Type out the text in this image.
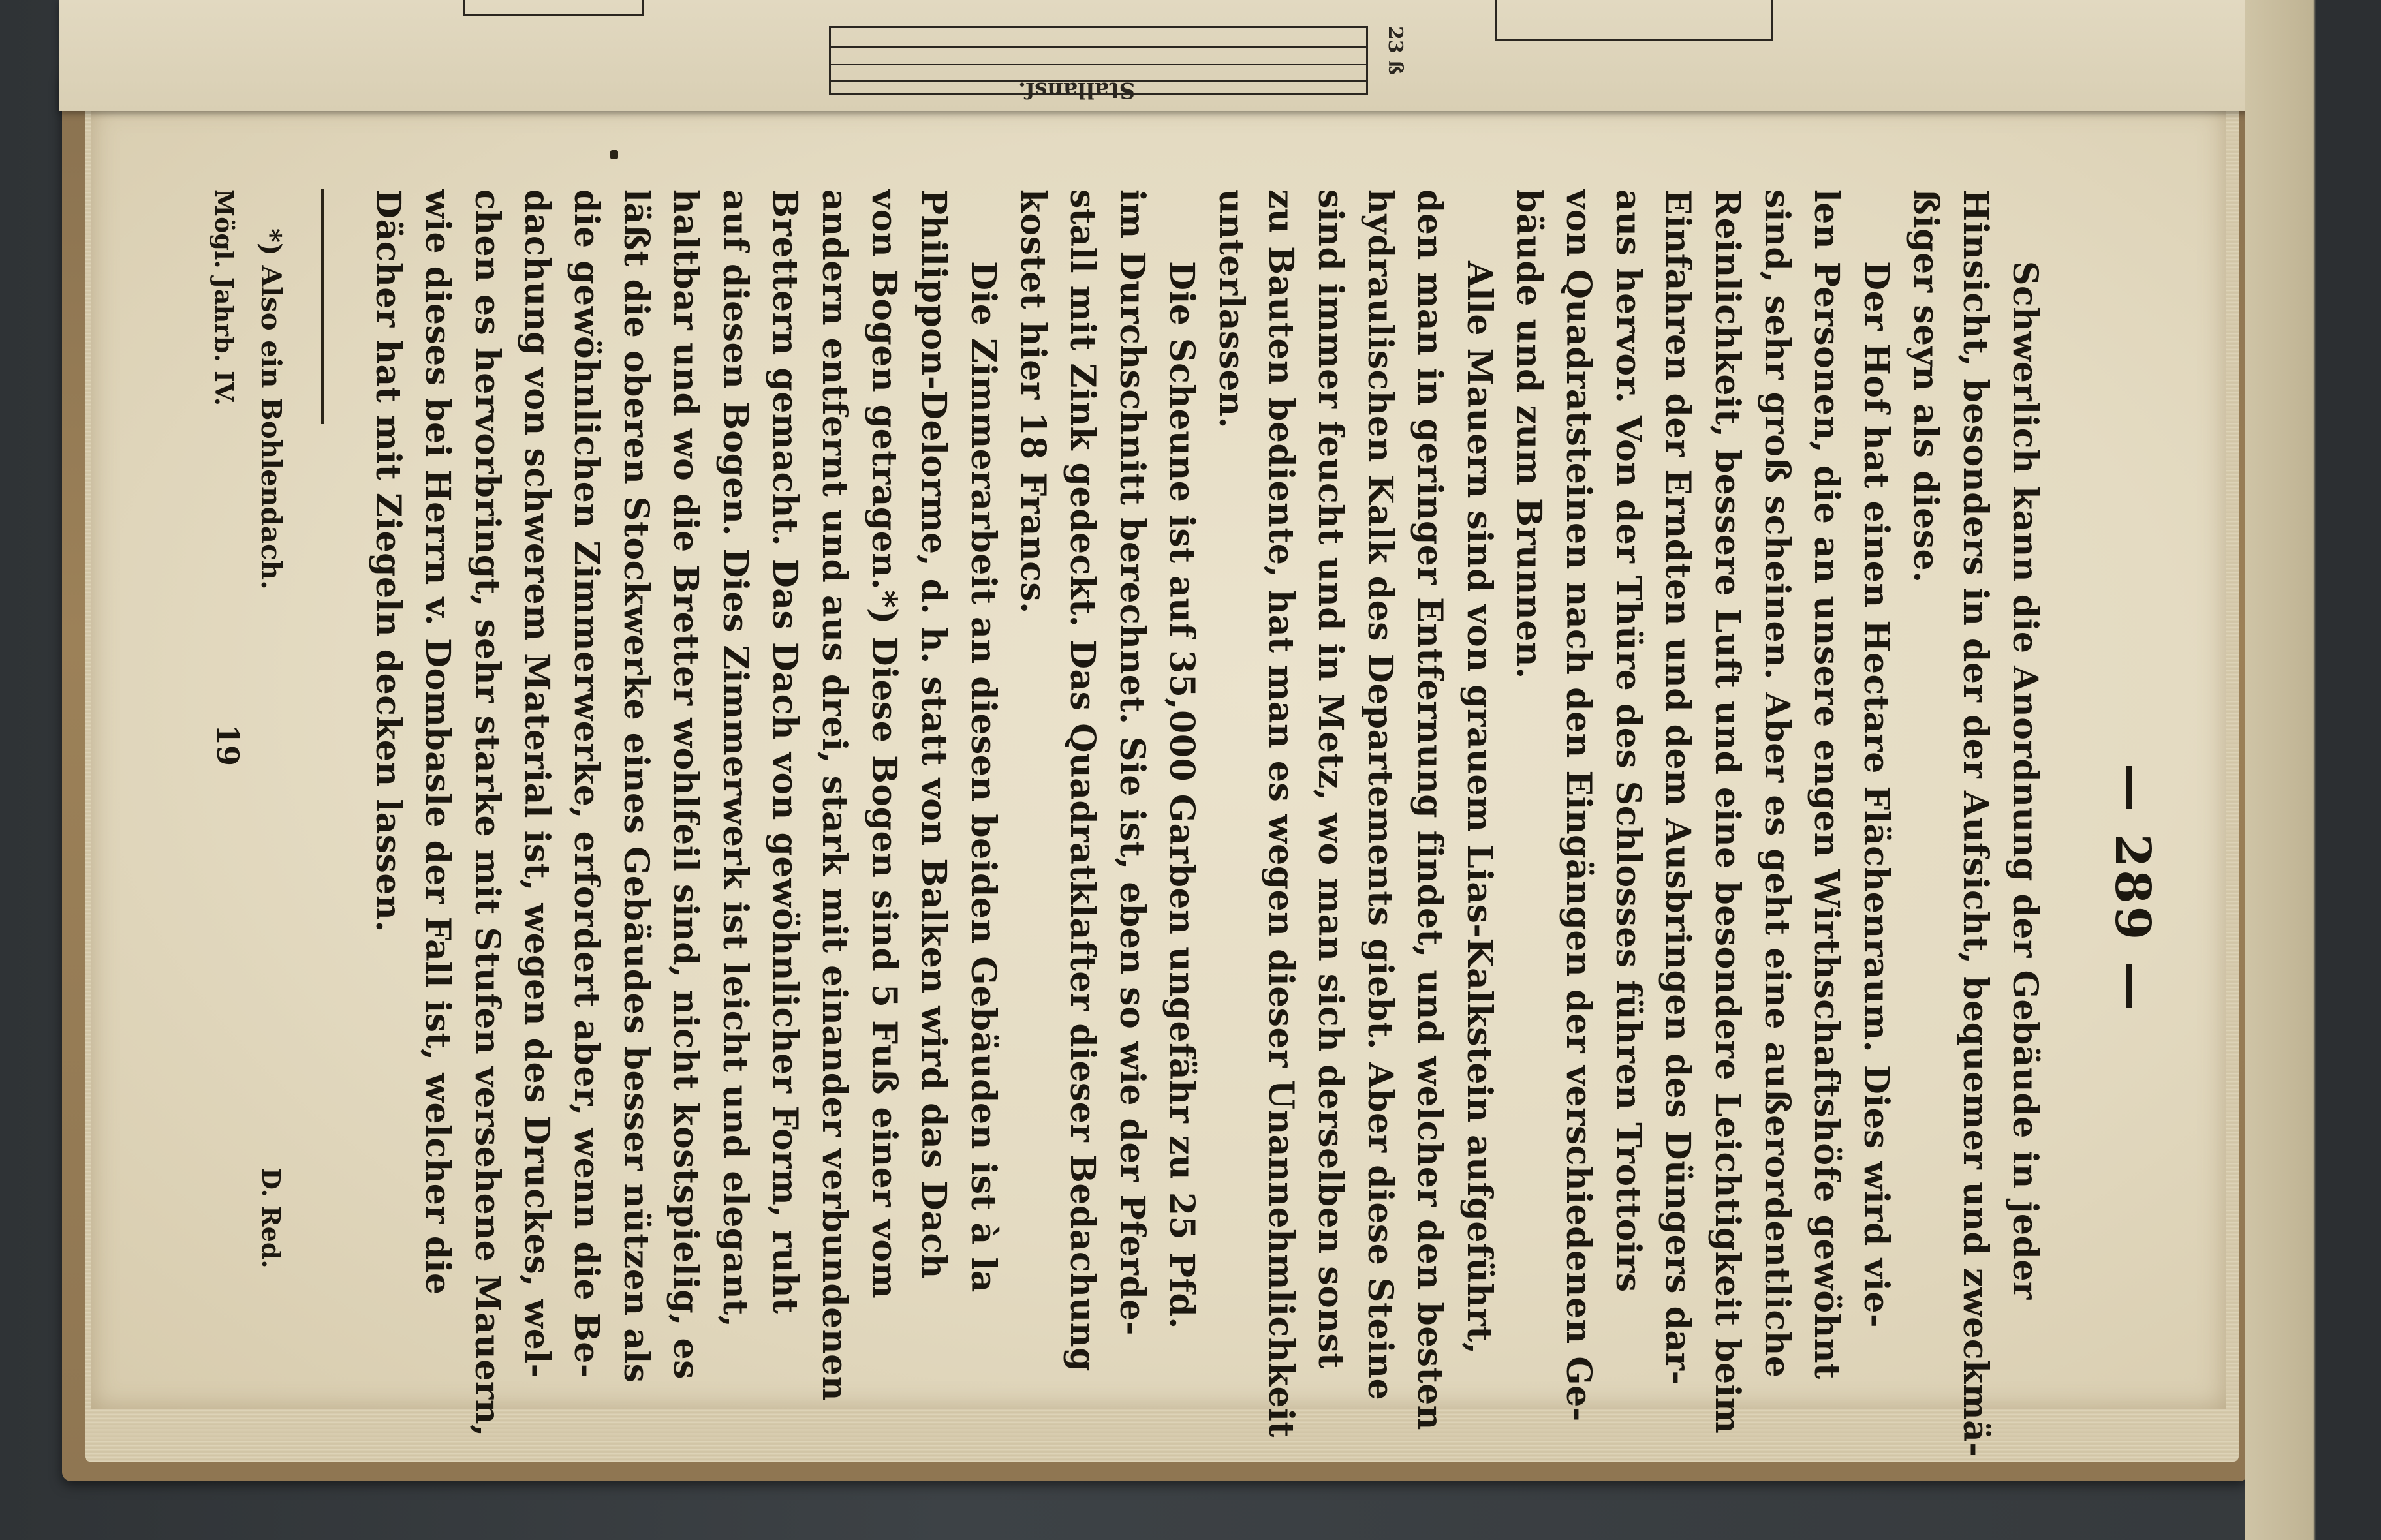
Stallansf.
23 ß
— 289 —
Schwerlich kann die Anordnung der Gebäude in jeder
Hinsicht, besonders in der der Aufsicht, bequemer und zweckmä-
ßiger seyn als diese.
Der Hof hat einen Hectare Flächenraum. Dies wird vie-
len Personen, die an unsere engen Wirthschaftshöfe gewöhnt
sind, sehr groß scheinen. Aber es geht eine außerordentliche
Reinlichkeit, bessere Luft und eine besondere Leichtigkeit beim
Einfahren der Erndten und dem Ausbringen des Düngers dar-
aus hervor. Von der Thüre des Schlosses führen Trottoirs
von Quadratsteinen nach den Eingängen der verschiedenen Ge-
bäude und zum Brunnen.
Alle Mauern sind von grauem Lias-Kalkstein aufgeführt,
den man in geringer Entfernung findet, und welcher den besten
hydraulischen Kalk des Departements giebt. Aber diese Steine
sind immer feucht und in Metz, wo man sich derselben sonst
zu Bauten bediente, hat man es wegen dieser Unannehmlichkeit
unterlassen.
Die Scheune ist auf 35,000 Garben ungefähr zu 25 Pfd.
im Durchschnitt berechnet. Sie ist, eben so wie der Pferde-
stall mit Zink gedeckt. Das Quadratklafter dieser Bedachung
kostet hier 18 Francs.
Die Zimmerarbeit an diesen beiden Gebäuden ist à la
Philippon-Delorme, d. h. statt von Balken wird das Dach
von Bogen getragen.*) Diese Bogen sind 5 Fuß einer vom
andern entfernt und aus drei, stark mit einander verbundenen
Brettern gemacht. Das Dach von gewöhnlicher Form, ruht
auf diesen Bogen. Dies Zimmerwerk ist leicht und elegant,
haltbar und wo die Bretter wohlfeil sind, nicht kostspielig, es
läßt die oberen Stockwerke eines Gebäudes besser nützen als
die gewöhnlichen Zimmerwerke, erfordert aber, wenn die Be-
dachung von schwerem Material ist, wegen des Druckes, wel-
chen es hervorbringt, sehr starke mit Stufen versehene Mauern,
wie dieses bei Herrn v. Dombasle der Fall ist, welcher die
Dächer hat mit Ziegeln decken lassen.
*) Also ein Bohlendach.
D. Red.
Mögl. Jahrb. IV.
19
